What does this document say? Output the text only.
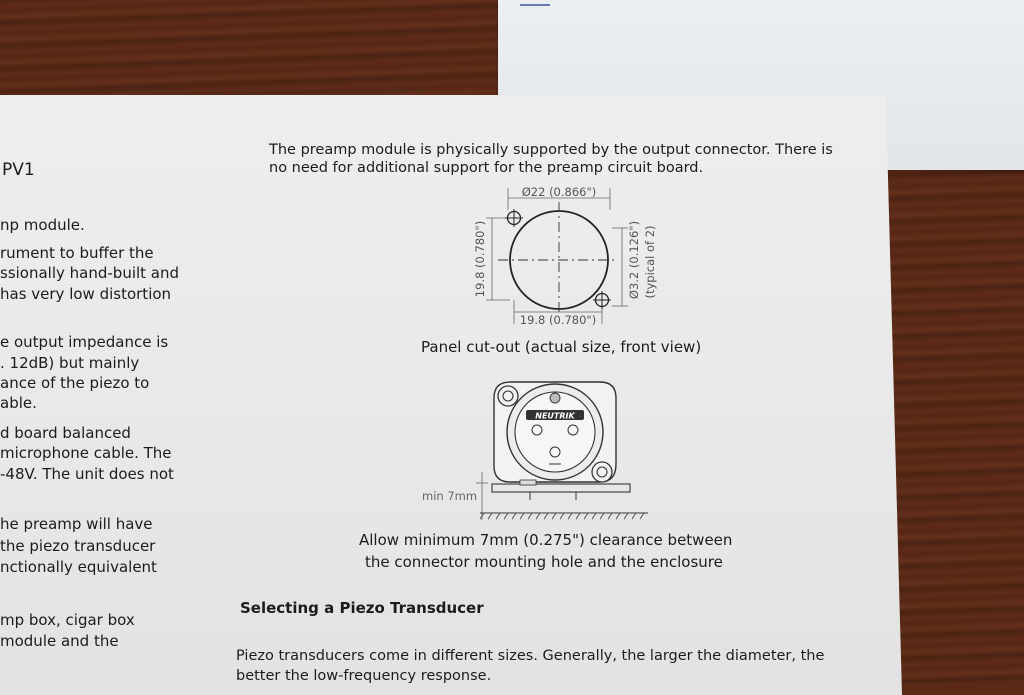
PV1
np module.
rument to buffer the
ssionally hand-built and
has very low distortion
e output impedance is
. 12dB) but mainly
ance of the piezo to
able.
d board balanced
microphone cable. The
-48V. The unit does not
he preamp will have
the piezo transducer
nctionally equivalent
mp box, cigar box
module and the
The preamp module is physically supported by the output connector. There is
no need for additional support for the preamp circuit board.
Ø22 (0.866")
19.8 (0.780")
19.8 (0.780")
Ø3.2 (0.126") (typical of 2)
Panel cut-out (actual size, front view)
NEUTRIK
min 7mm
Allow minimum 7mm (0.275") clearance between
the connector mounting hole and the enclosure
Selecting a Piezo Transducer
Piezo transducers come in different sizes. Generally, the larger the diameter, the
better the low-frequency response.
